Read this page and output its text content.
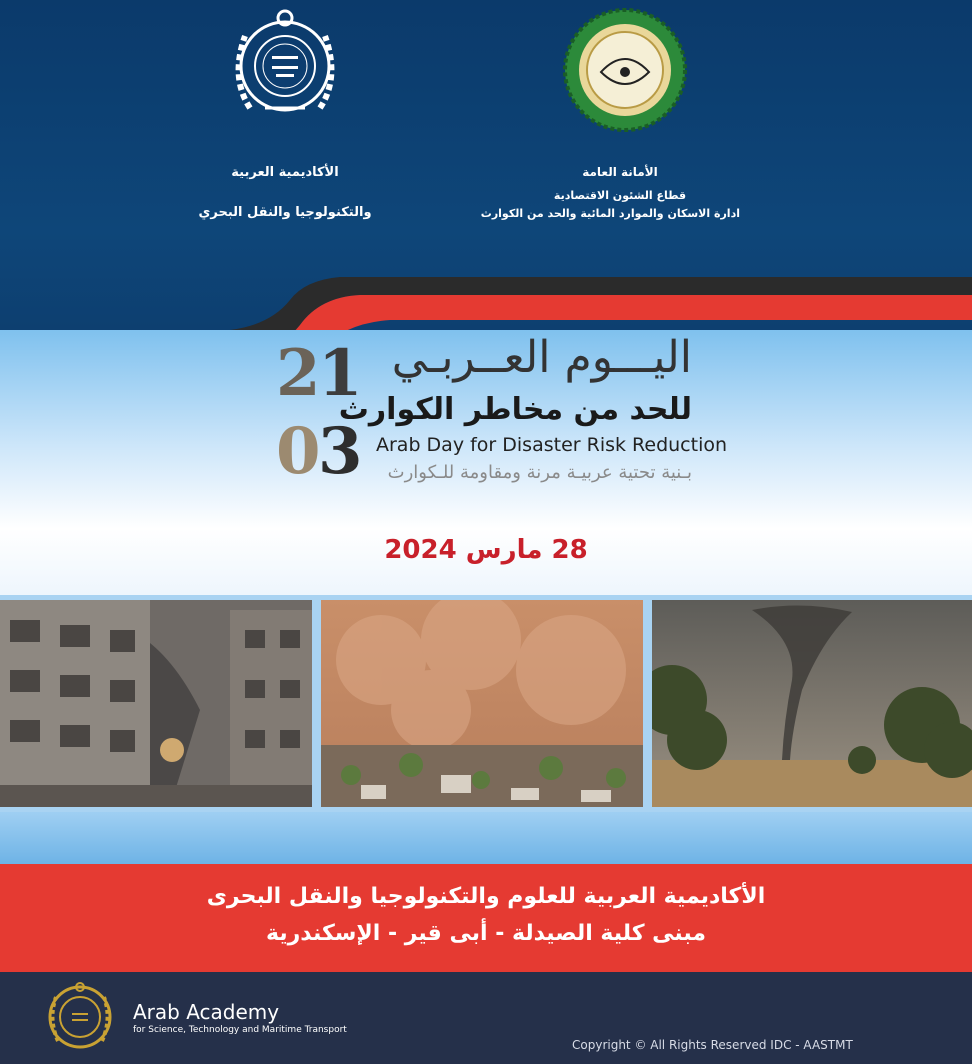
الأكاديمية العربية
والتكنولوجيا والنقل البحري
الأمانة العامة
قطاع الشئون الاقتصادية
ادارة الاسكان والموارد المائية والحد من الكوارث
2
1
0
3
اليـــوم العــربـي
للحد من مخاطر الكوارث
Arab Day for Disaster Risk Reduction
بـنية تحتية عربيـة مرنة ومقاومة للـكوارث
28 مارس 2024
الأكاديمية العربية للعلوم والتكنولوجيا والنقل البحرى
مبنى كلية الصيدلة - أبى قير - الإسكندرية
Arab Academy
for Science, Technology and Maritime Transport
Copyright © All Rights Reserved IDC - AASTMT
